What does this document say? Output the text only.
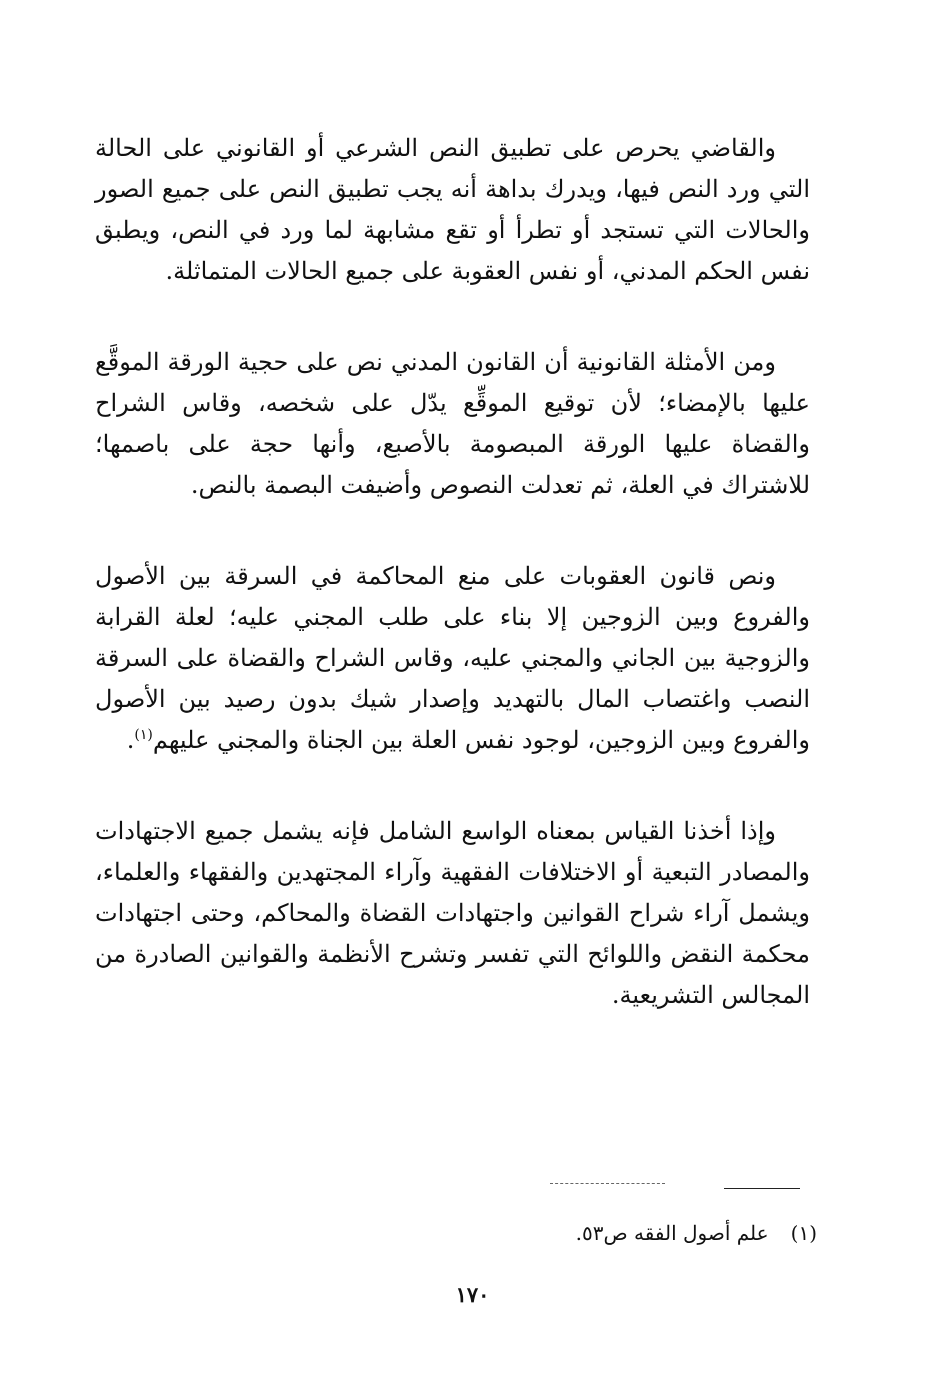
والقاضي يحرص على تطبيق النص الشرعي أو القانوني على الحالة التي ورد النص فيها، ويدرك بداهة أنه يجب تطبيق النص على جميع الصور والحالات التي تستجد أو تطرأ أو تقع مشابهة لما ورد في النص، ويطبق نفس الحكم المدني، أو نفس العقوبة على جميع الحالات المتماثلة.

ومن الأمثلة القانونية أن القانون المدني نص على حجية الورقة الموقَّع عليها بالإمضاء؛ لأن توقيع الموقِّع يدّل على شخصه، وقاس الشراح والقضاة عليها الورقة المبصومة بالأصبع، وأنها حجة على باصمها؛ للاشتراك في العلة، ثم تعدلت النصوص وأضيفت البصمة بالنص.

ونص قانون العقوبات على منع المحاكمة في السرقة بين الأصول والفروع وبين الزوجين إلا بناء على طلب المجني عليه؛ لعلة القرابة والزوجية بين الجاني والمجني عليه، وقاس الشراح والقضاة على السرقة النصب واغتصاب المال بالتهديد وإصدار شيك بدون رصيد بين الأصول والفروع وبين الزوجين، لوجود نفس العلة بين الجناة والمجني عليهم$^{(١)}$.

وإذا أخذنا القياس بمعناه الواسع الشامل فإنه يشمل جميع الاجتهادات والمصادر التبعية أو الاختلافات الفقهية وآراء المجتهدين والفقهاء والعلماء، ويشمل آراء شراح القوانين واجتهادات القضاة والمحاكم، وحتى اجتهادات محكمة النقض واللوائح التي تفسر وتشرح الأنظمة والقوانين الصادرة من المجالس التشريعية.

(١)علم أصول الفقه ص٥٣.
١٧٠
